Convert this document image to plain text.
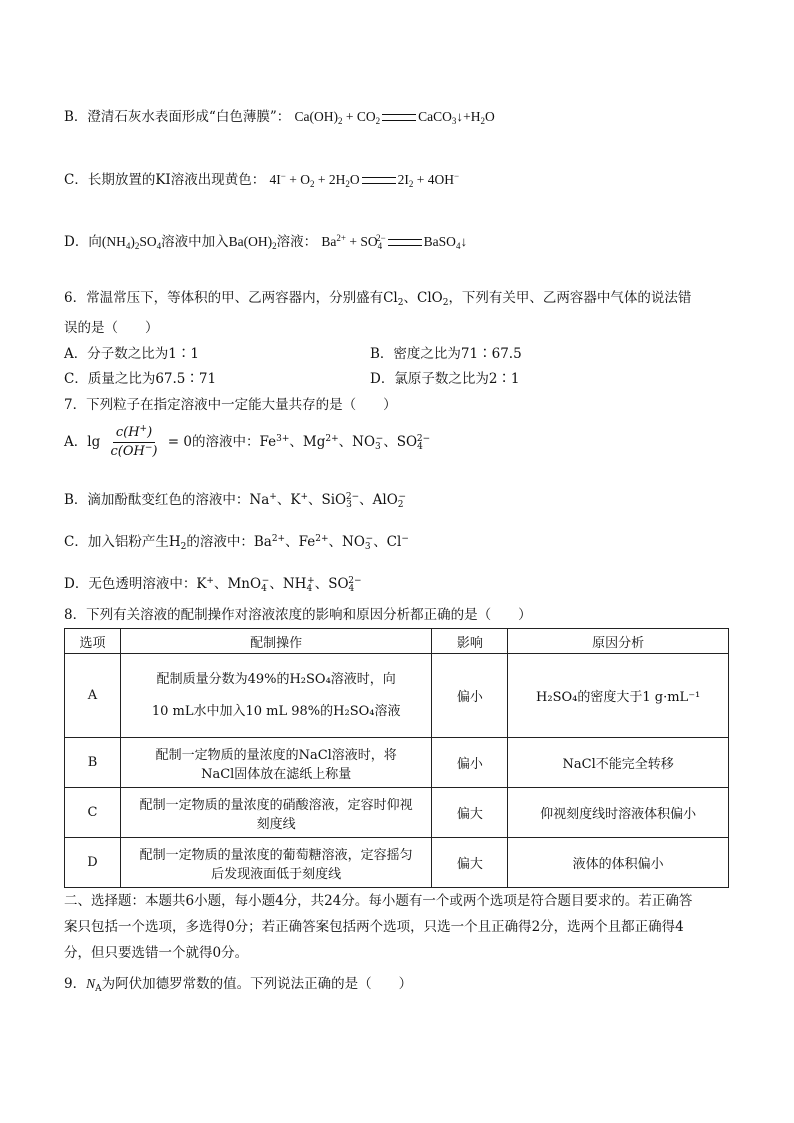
B．澄清石灰水表面形成“白色薄膜”： $Ca(OH)_2 + CO_2$	$CaCO_3↓+H_2O$
C．长期放置的KI溶液出现黄色： $4I^- + O_2 + 2H_2O$	$2I_2 + 4OH^-$
D．向$(NH_4)_2SO_4$溶液中加入$Ba(OH)_2$溶液： $Ba^{2+} + SO_4^{2-}$	BaSO$_4$↓
6．常温常压下，等体积的甲、乙两容器内，分别盛有$Cl_2$、ClO$_2$，下列有关甲、乙两容器中气体的说法错
误的是（　　）
A．分子数之比为1∶1	B．密度之比为71∶67.5
C．质量之比为67.5∶71	D．氯原子数之比为2∶1
7．下列粒子在指定溶液中一定能大量共存的是（　　）
A．$\lg \frac{c(H^+)}{c(OH^-)} = 0$的溶液中：$Fe^{3+}$、$Mg^{2+}$、$NO_3^-$、$SO_4^{2-}$
B．滴加酚酞变红色的溶液中：Na+、K+、SiO$_3^{2-}$、AlO$_2$−
C．加入铝粉产生$H_2$的溶液中：$Ba^{2+}$、$Fe^{2+}$、$NO_3^-$、Cl−
D．无色透明溶液中：K+、MnO$_4$−、$NH_4^+$、$SO_4^{2-}$
8．下列有关溶液的配制操作对溶液浓度的影响和原因分析都正确的是（　　）
选项	配制操作	影响	原因分析
A	配制质量分数为49%的H₂SO₄溶液时，向
10 mL水中加入10 mL 98%的H₂SO₄溶液	偏小	H₂SO₄的密度大于1 g·mL⁻¹
B	配制一定物质的量浓度的NaCl溶液时，将
NaCl固体放在滤纸上称量	偏小	NaCl不能完全转移
C	配制一定物质的量浓度的硝酸溶液，定容时仰视
刻度线	偏大	仰视刻度线时溶液体积偏小
D	配制一定物质的量浓度的葡萄糖溶液，定容摇匀
后发现液面低于刻度线	偏大	液体的体积偏小
二、选择题：本题共6小题，每小题4分，共24分。每小题有一个或两个选项是符合题目要求的。若正确答
案只包括一个选项，多选得0分；若正确答案包括两个选项，只选一个且正确得2分，选两个且都正确得4
分，但只要选错一个就得0分。
9．$N_A$为阿伏加德罗常数的值。下列说法正确的是（　　）
